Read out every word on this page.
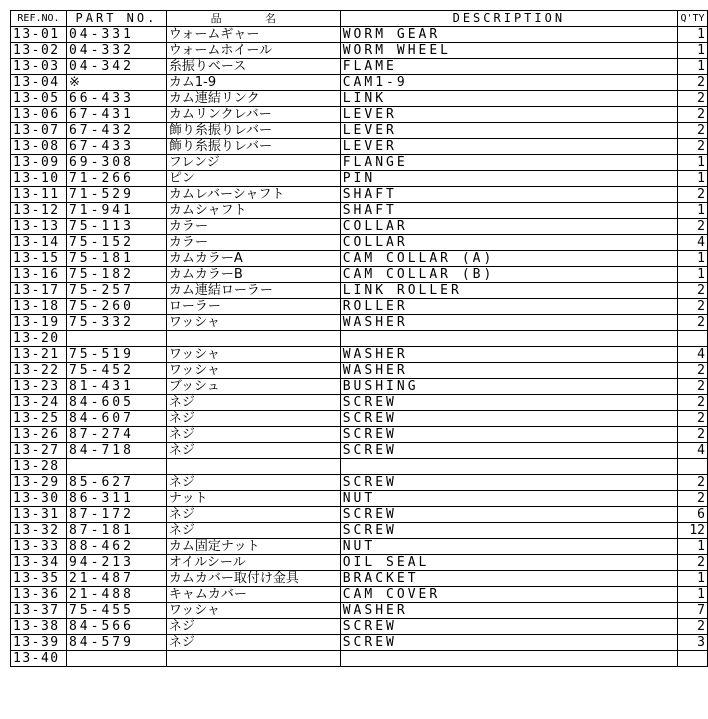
REF.NO.	PART NO.	品 名	DESCRIPTION	Q'TY
13-01	04-331	ウォームギャー	WORM GEAR	1
13-02	04-332	ウォームホイール	WORM WHEEL	1
13-03	04-342	糸振りベース	FLAME	1
13-04	※	カム1-9	CAM1-9	2
13-05	66-433	カム連結リンク	LINK	2
13-06	67-431	カムリンクレバー	LEVER	2
13-07	67-432	飾り糸振りレバー	LEVER	2
13-08	67-433	飾り糸振りレバー	LEVER	2
13-09	69-308	フレンジ	FLANGE	1
13-10	71-266	ピン	PIN	1
13-11	71-529	カムレバーシャフト	SHAFT	2
13-12	71-941	カムシャフト	SHAFT	1
13-13	75-113	カラー	COLLAR	2
13-14	75-152	カラー	COLLAR	4
13-15	75-181	カムカラーA	CAM COLLAR (A)	1
13-16	75-182	カムカラーB	CAM COLLAR (B)	1
13-17	75-257	カム連結ローラー	LINK ROLLER	2
13-18	75-260	ローラー	ROLLER	2
13-19	75-332	ワッシャ	WASHER	2
13-20				
13-21	75-519	ワッシャ	WASHER	4
13-22	75-452	ワッシャ	WASHER	2
13-23	81-431	ブッシュ	BUSHING	2
13-24	84-605	ネジ	SCREW	2
13-25	84-607	ネジ	SCREW	2
13-26	87-274	ネジ	SCREW	2
13-27	84-718	ネジ	SCREW	4
13-28				
13-29	85-627	ネジ	SCREW	2
13-30	86-311	ナット	NUT	2
13-31	87-172	ネジ	SCREW	6
13-32	87-181	ネジ	SCREW	12
13-33	88-462	カム固定ナット	NUT	1
13-34	94-213	オイルシール	OIL SEAL	2
13-35	21-487	カムカバー取付け金具	BRACKET	1
13-36	21-488	キャムカバー	CAM COVER	1
13-37	75-455	ワッシャ	WASHER	7
13-38	84-566	ネジ	SCREW	2
13-39	84-579	ネジ	SCREW	3
13-40				
